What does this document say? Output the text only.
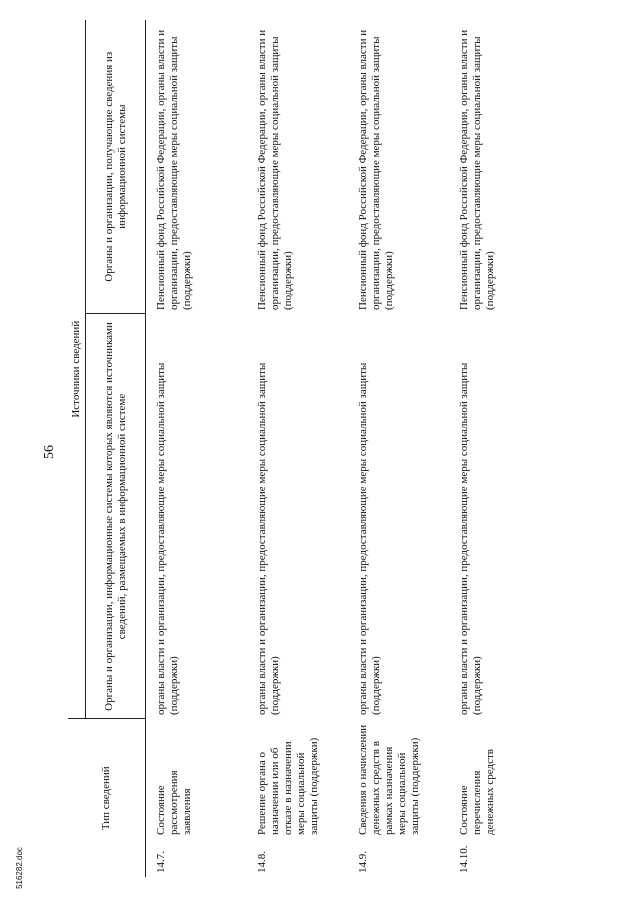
56
Тип сведений		Источники сведений	
		Органы и организации, информационные системы которых являются источниками сведений, размещаемых в информационной системе	Органы и организации, получающие сведения из информационной системы
14.7.	Состояние рассмотрения заявления	органы власти и организации, предоставляющие меры социальной защиты (поддержки)	Пенсионный фонд Российской Федерации, органы власти и организации, предоставляющие меры социальной защиты (поддержки)
14.8.	Решение органа о назначении или об отказе в назначении меры социальной защиты (поддержки)	органы власти и организации, предоставляющие меры социальной защиты (поддержки)	Пенсионный фонд Российской Федерации, органы власти и организации, предоставляющие меры социальной защиты (поддержки)
14.9.	Сведения о начислении денежных средств в рамках назначения меры социальной защиты (поддержки)	органы власти и организации, предоставляющие меры социальной защиты (поддержки)	Пенсионный фонд Российской Федерации, органы власти и организации, предоставляющие меры социальной защиты (поддержки)
14.10.	Состояние перечисления денежных средств	органы власти и организации, предоставляющие меры социальной защиты (поддержки)	Пенсионный фонд Российской Федерации, органы власти и организации, предоставляющие меры социальной защиты (поддержки)
516282.doc
